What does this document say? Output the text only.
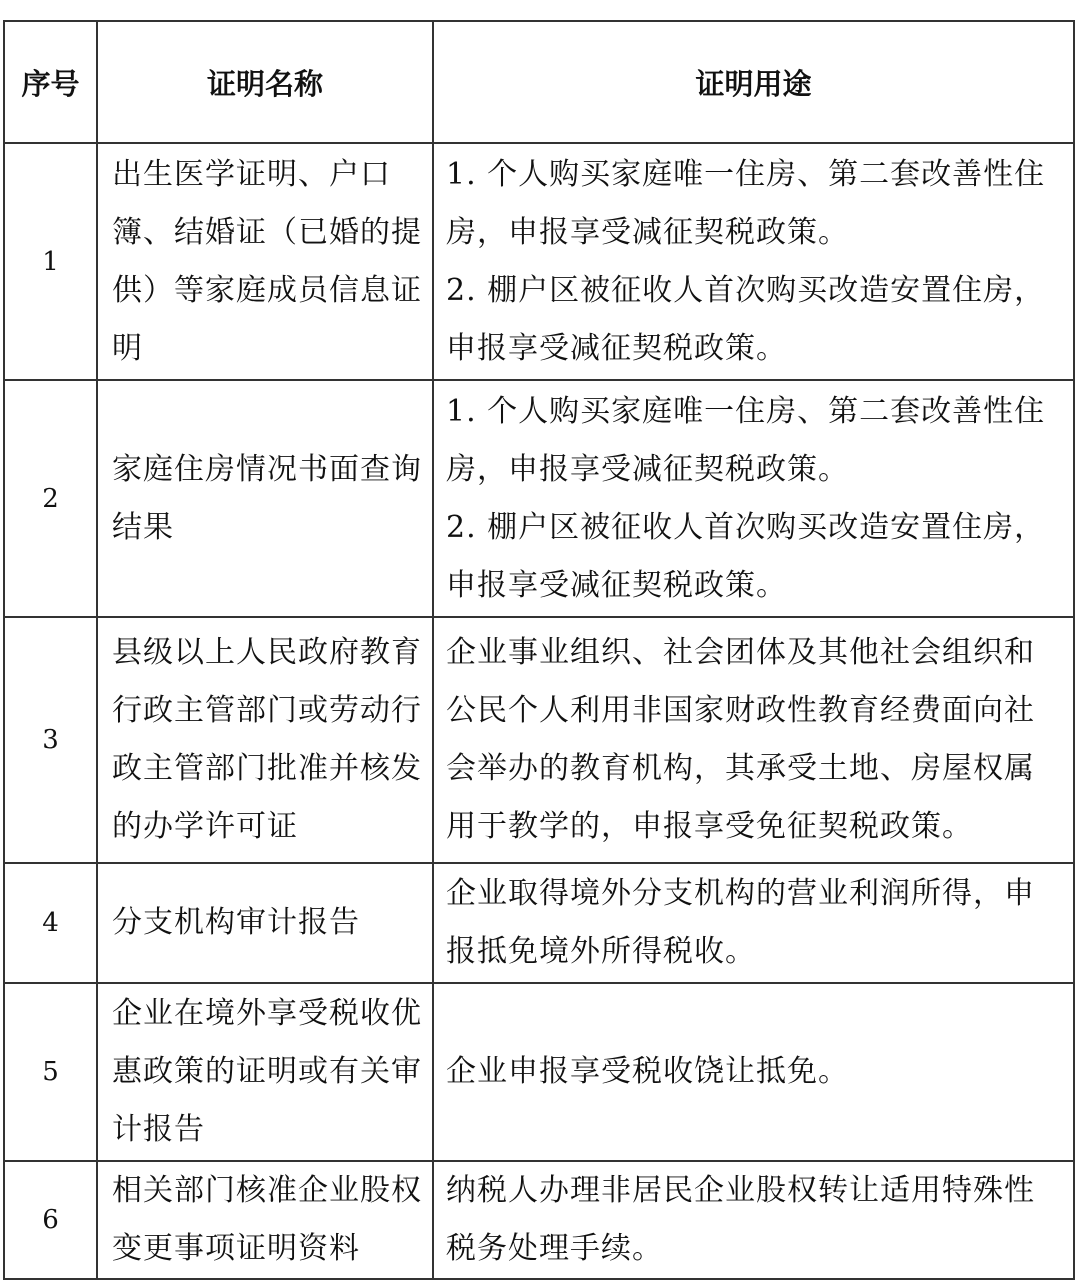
序号	证明名称	证明用途
1	出生医学证明、户口簿、结婚证（已婚的提供）等家庭成员信息证明	1. 个人购买家庭唯一住房、第二套改善性住房，申报享受减征契税政策。
2. 棚户区被征收人首次购买改造安置住房，申报享受减征契税政策。

2	家庭住房情况书面查询结果	1. 个人购买家庭唯一住房、第二套改善性住房，申报享受减征契税政策。
2. 棚户区被征收人首次购买改造安置住房，申报享受减征契税政策。

3	县级以上人民政府教育行政主管部门或劳动行政主管部门批准并核发的办学许可证	企业事业组织、社会团体及其他社会组织和公民个人利用非国家财政性教育经费面向社会举办的教育机构，其承受土地、房屋权属用于教学的，申报享受免征契税政策。

4	分支机构审计报告	企业取得境外分支机构的营业利润所得，申报抵免境外所得税收。

5	企业在境外享受税收优惠政策的证明或有关审计报告	企业申报享受税收饶让抵免。

6	相关部门核准企业股权变更事项证明资料	纳税人办理非居民企业股权转让适用特殊性税务处理手续。
